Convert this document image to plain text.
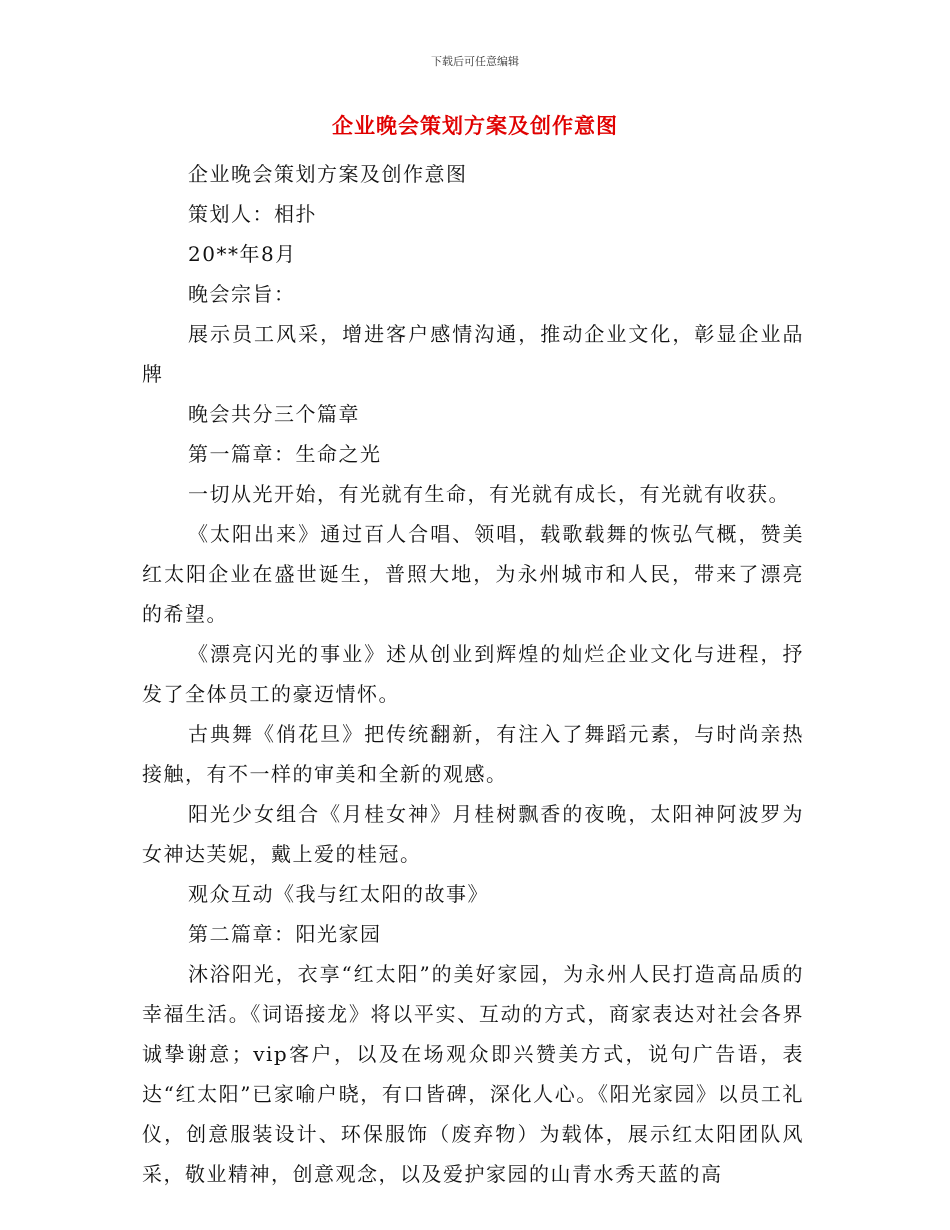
下载后可任意编辑
企业晚会策划方案及创作意图

企业晚会策划方案及创作意图

策划人：相扑

20**年8月

晚会宗旨：

展示员工风采，增进客户感情沟通，推动企业文化，彰显企业品牌

晚会共分三个篇章

第一篇章：生命之光

一切从光开始，有光就有生命，有光就有成长，有光就有收获。

《太阳出来》通过百人合唱、领唱，载歌载舞的恢弘气概，赞美红太阳企业在盛世诞生，普照大地，为永州城市和人民，带来了漂亮的希望。

《漂亮闪光的事业》述从创业到辉煌的灿烂企业文化与进程，抒发了全体员工的豪迈情怀。

古典舞《俏花旦》把传统翻新，有注入了舞蹈元素，与时尚亲热接触，有不一样的审美和全新的观感。

阳光少女组合《月桂女神》月桂树飘香的夜晚，太阳神阿波罗为女神达芙妮，戴上爱的桂冠。

观众互动《我与红太阳的故事》

第二篇章：阳光家园

沐浴阳光，衣享“红太阳”的美好家园，为永州人民打造高品质的幸福生活。《词语接龙》将以平实、互动的方式，商家表达对社会各界诚挚谢意；vip客户，以及在场观众即兴赞美方式，说句广告语，表达“红太阳”已家喻户晓，有口皆碑，深化人心。《阳光家园》以员工礼仪，创意服装设计、环保服饰（废弃物）为载体，展示红太阳团队风采，敬业精神，创意观念，以及爱护家园的山青水秀天蓝的高
